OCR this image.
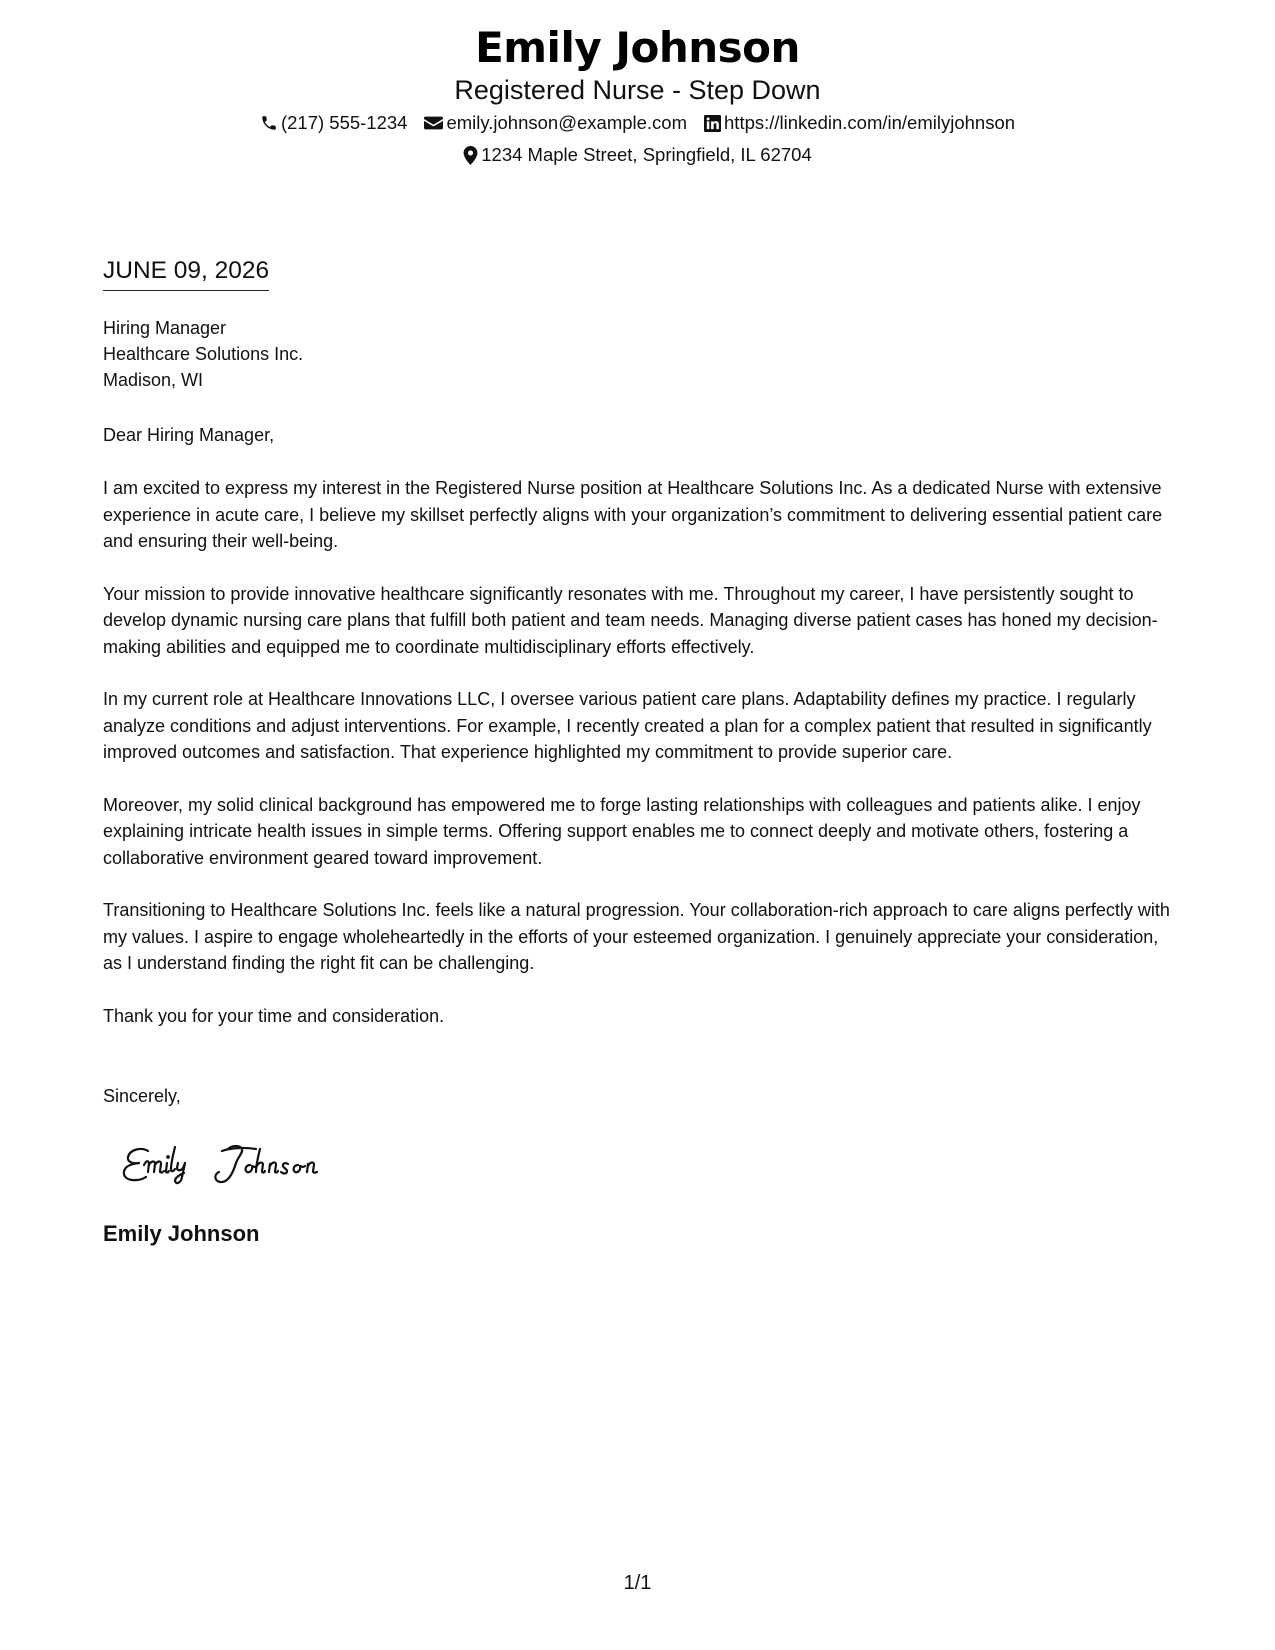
Emily Johnson
Registered Nurse - Step Down
(217) 555-1234 emily.johnson@example.com https://linkedin.com/in/emilyjohnson
1234 Maple Street, Springfield, IL 62704
JUNE 09, 2026
Hiring Manager
Healthcare Solutions Inc.
Madison, WI
Dear Hiring Manager,

I am excited to express my interest in the Registered Nurse position at Healthcare Solutions Inc. As a dedicated Nurse with extensive experience in acute care, I believe my skillset perfectly aligns with your organization’s commitment to delivering essential patient care and ensuring their well-being.

Your mission to provide innovative healthcare significantly resonates with me. Throughout my career, I have persistently sought to develop dynamic nursing care plans that fulfill both patient and team needs. Managing diverse patient cases has honed my decision-making abilities and equipped me to coordinate multidisciplinary efforts effectively.

In my current role at Healthcare Innovations LLC, I oversee various patient care plans. Adaptability defines my practice. I regularly analyze conditions and adjust interventions. For example, I recently created a plan for a complex patient that resulted in significantly improved outcomes and satisfaction. That experience highlighted my commitment to provide superior care.

Moreover, my solid clinical background has empowered me to forge lasting relationships with colleagues and patients alike. I enjoy explaining intricate health issues in simple terms. Offering support enables me to connect deeply and motivate others, fostering a collaborative environment geared toward improvement.

Transitioning to Healthcare Solutions Inc. feels like a natural progression. Your collaboration-rich approach to care aligns perfectly with my values. I aspire to engage wholeheartedly in the efforts of your esteemed organization. I genuinely appreciate your consideration, as I understand finding the right fit can be challenging.

Thank you for your time and consideration.

Sincerely,
Emily Johnson
1/1
